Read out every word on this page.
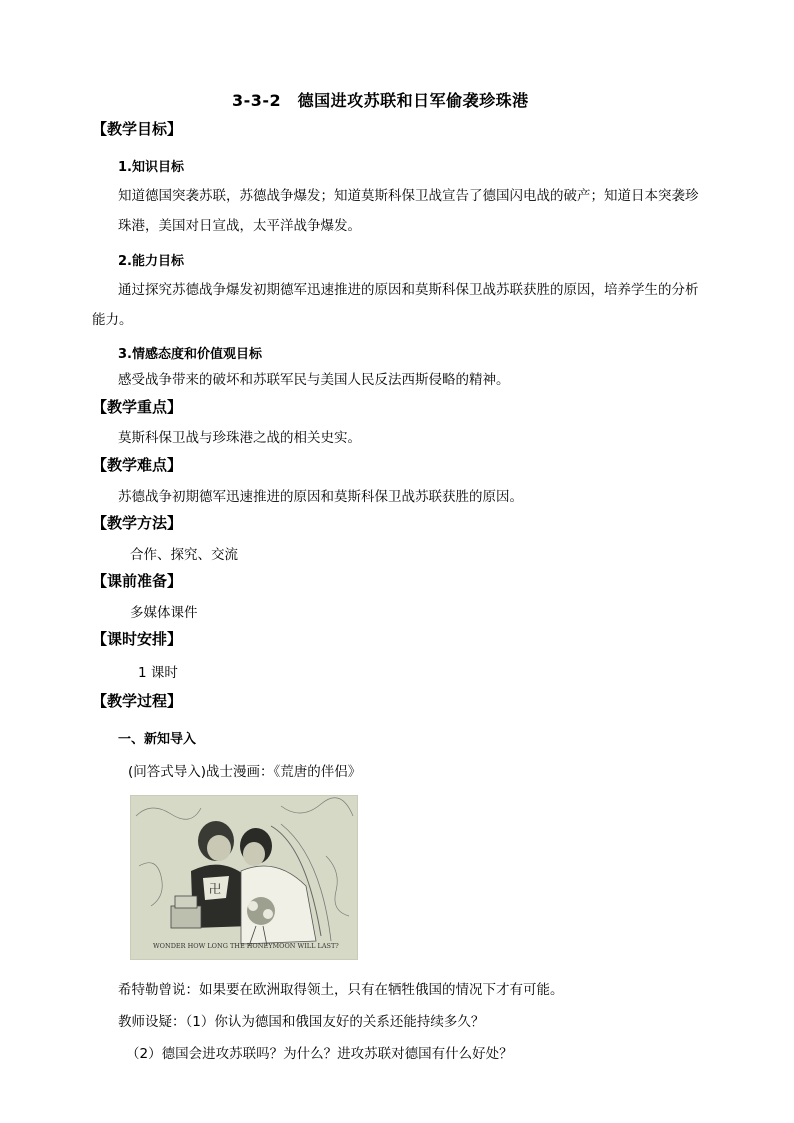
3-3-2　德国进攻苏联和日军偷袭珍珠港
【教学目标】
1.知识目标
知道德国突袭苏联，苏德战争爆发；知道莫斯科保卫战宣告了德国闪电战的破产；知道日本突袭珍珠港，美国对日宣战，太平洋战争爆发。
2.能力目标
通过探究苏德战争爆发初期德军迅速推进的原因和莫斯科保卫战苏联获胜的原因，培养学生的分析能力。
3.情感态度和价值观目标
感受战争带来的破坏和苏联军民与美国人民反法西斯侵略的精神。
【教学重点】
莫斯科保卫战与珍珠港之战的相关史实。
【教学难点】
苏德战争初期德军迅速推进的原因和莫斯科保卫战苏联获胜的原因。
【教学方法】
合作、探究、交流
【课前准备】
多媒体课件
【课时安排】
1 课时
【教学过程】
一、新知导入
(问答式导入)战士漫画：《荒唐的伴侣》
卍
WONDER HOW LONG THE HONEYMOON WILL LAST?
希特勒曾说：如果要在欧洲取得领土，只有在牺牲俄国的情况下才有可能。
教师设疑：（1）你认为德国和俄国友好的关系还能持续多久？
（2）德国会进攻苏联吗？为什么？进攻苏联对德国有什么好处？
